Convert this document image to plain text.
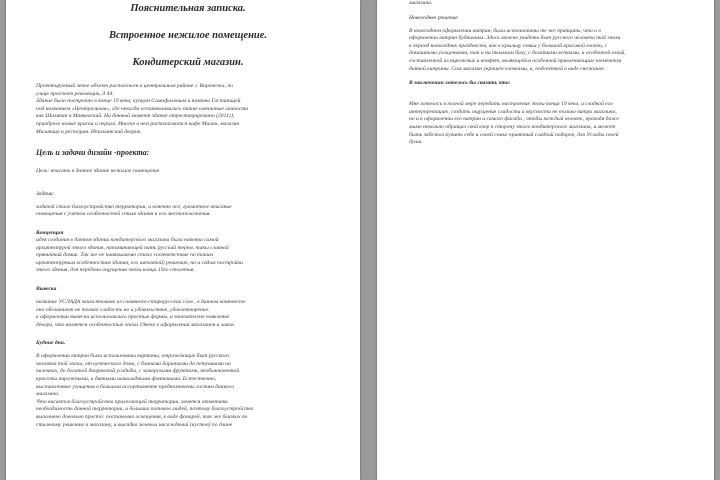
Пояснительная записка.
Встроенное нежилое помещение.
Кондитерский магазин.

Проектируемый зеное объект расположен в центральном районе г. Воронежа, по

улице проспект революции, д 44.

Здание было построено в конце 19 века, купцом Самофаловым и названо Гостиницей

под названием «Центральная», где некогда останавливались такие именитые личности

как Шаляпин и Маяковский. На данный момент здание отреставрировано (2011г),

приобрело новые краски и перила. Иногче в нем располагаются кафе Милан, магазин

Милавица и ресторан. Итальянский дворик.

Цель и задачи дизайн -проекта:

Цель: вписать в данное здание нежилое помещение.

Задачи:

задачей стало благоустройство территории, и конечно же, грамотное вписание

помещения с учетом особенностей стиля здания и его местоположения.

Концепция

идея создания в данном здании кондитерского магазина была навеяна самой

архитектурой этого здания, напоминающей пить русский терем, такы славной

пряничный домик. Так же не навязываемо стало соответствие по таким

архитектурным особенностям здания, его шеповной) решению, но и годам постройки

этого здания, для передачи ощущения эпохи конца 19го столетия.

Вывеска

название УСЛАДА заимствовано из славянско-старорусских слов , в данном контексте

оно обозначает не только сладость но и удовольствие, удовлетворение.

в оформлении вывески использовались простые формы, и запечатлено появление

декора, что является особенностью эпохи 19века в оформлении магазинов и лавок.

Будние дни.

В оформлении витрин были использованы картины, отражающие быт русского

человека той эпохи, от купеческого дома, с блинами баранками да петушками на

палочках, до богатой дворянской усадьбы, с заморскими фруктами, необыкновенной

красоты пирожными, и дивными шоколадными фонтанами. Естественно,

выставленные угощения в большом ассортименте предназначены гостям данного

магазина.

Что касается благоустройства прилегающей территории, хочется отметить

необходимость данной территории, и больших потоков людей, поэтому благоустройство

выполнено довольно просто: постановка освещения, в виде фонарей, так же близких по

стилевому решению к магазину, и высадка зеленых насаждений (кустов) по длине

магазина.

Новогоднее решение

В новогоднем оформлении витрин, были использованы те же принципы, что и в

оформлении витрин будничных. Здесь можно увидеть быт русского человека той эпохи

в период новогодних празднеств, как к крыльцу семьи у большой красивой елочки, с

домашними угощениями, так и на тыльном балу, с богатыми яствами, и особенной елкой,

составленной из пирожных и конфет, являющейся особенной привлекающим элементом

данной витрины. Сам магазин украшен елочками, и, подсветкой в виде снежинок.

В заключении хотелось бы сказать что:

Мне хотелось в полной мере передать настроение эпохи конца 19 века, и сладкой его

интерпретацию, создать ощущение сладости и вкусности не только витри магазина,

но и в оформлении его витрин и самого фасада , чтобы каждый человек, проходя даже

мимо невольно обращал свой взор в сторону этого кондитерского магазина, и может

быть забежал купить себе и своей семье приятный сладкий подарок, для Услады своей

души.
